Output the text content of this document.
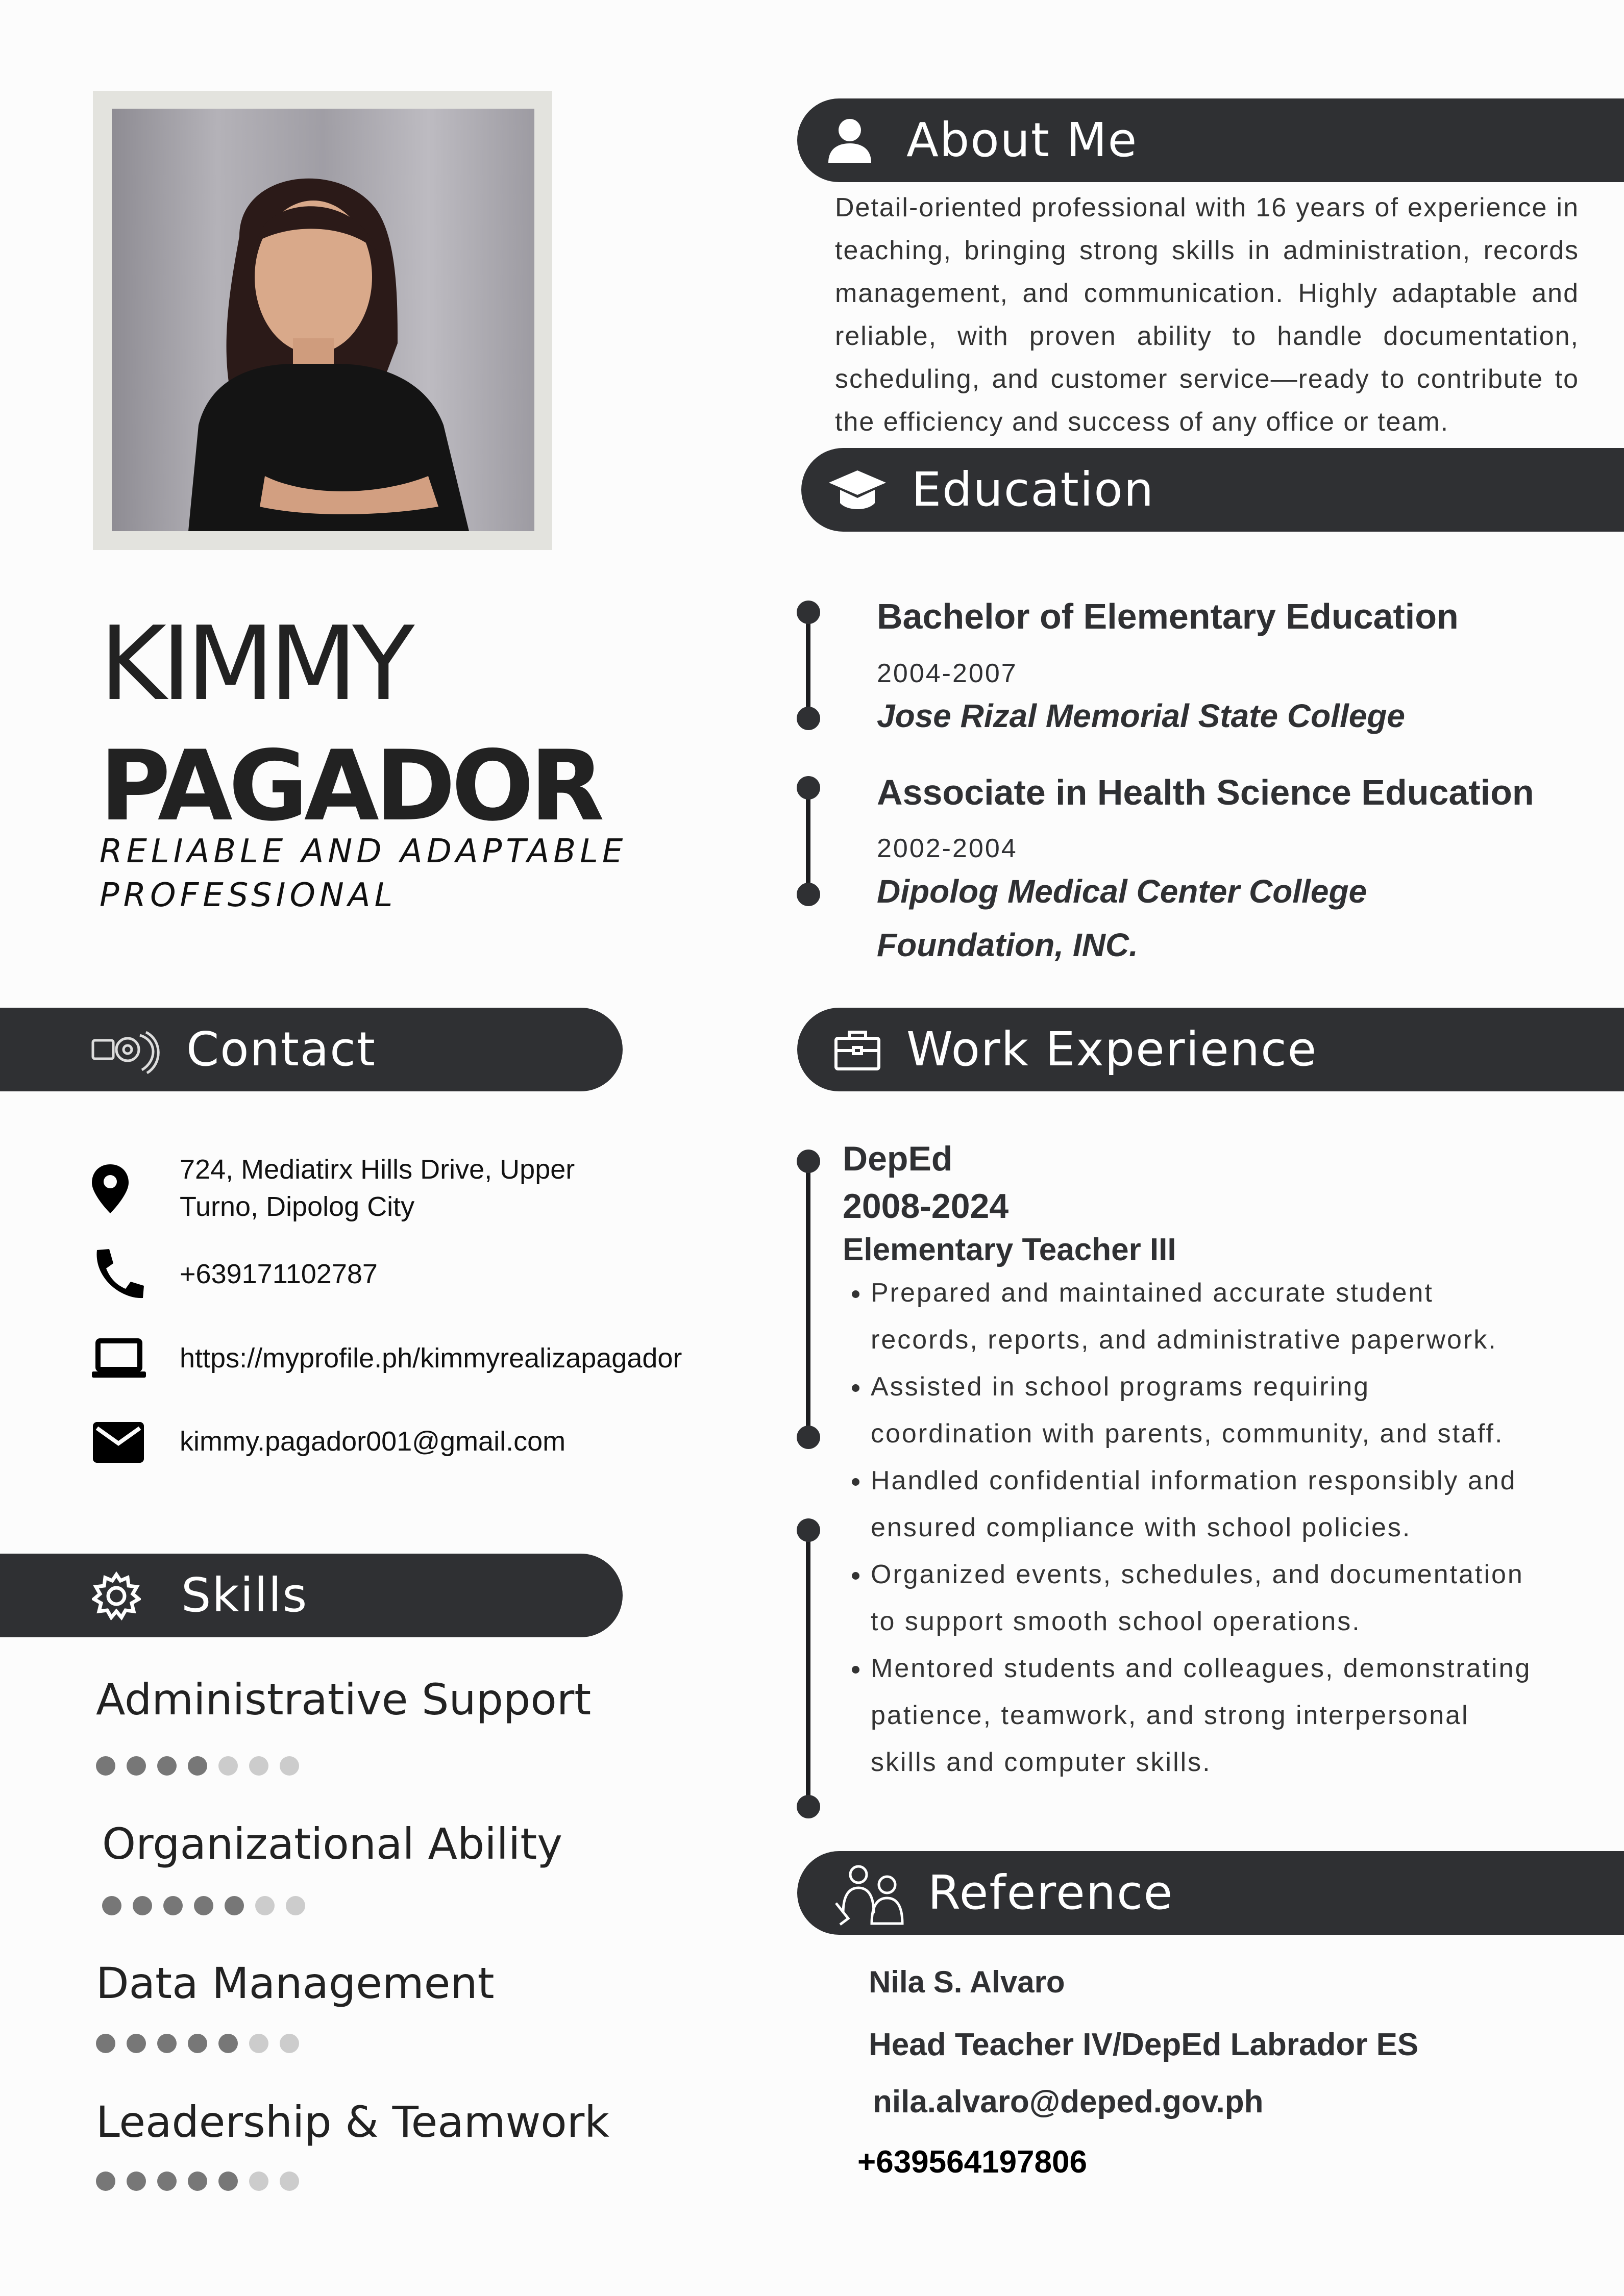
KIMMY
PAGADOR
RELIABLE AND ADAPTABLE
PROFESSIONAL
Contact
724, Mediatirx Hills Drive, Upper
Turno, Dipolog City
+639171102787
https://myprofile.ph/kimmyrealizapagador
kimmy.pagador001@gmail.com
Skills
Administrative Support
Organizational Ability
Data Management
Leadership & Teamwork
About Me
Detail-oriented professional with 16 years of experience in teaching, bringing strong skills in administration, records management, and communication. Highly adaptable and reliable, with proven ability to handle documentation, scheduling, and customer service—ready to contribute to the efficiency and success of any office or team.
Education
Bachelor of Elementary Education
2004-2007
Jose Rizal Memorial State College
Associate in Health Science Education
2002-2004
Dipolog Medical Center College
Foundation, INC.
Work Experience
DepEd
2008-2024
Elementary Teacher III
• Prepared and maintained accurate student
records, reports, and administrative paperwork.
• Assisted in school programs requiring
coordination with parents, community, and staff.
• Handled confidential information responsibly and
ensured compliance with school policies.
• Organized events, schedules, and documentation
to support smooth school operations.
• Mentored students and colleagues, demonstrating
patience, teamwork, and strong interpersonal
skills and computer skills.
Reference
Nila S. Alvaro
Head Teacher IV/DepEd Labrador ES
nila.alvaro@deped.gov.ph
+639564197806
